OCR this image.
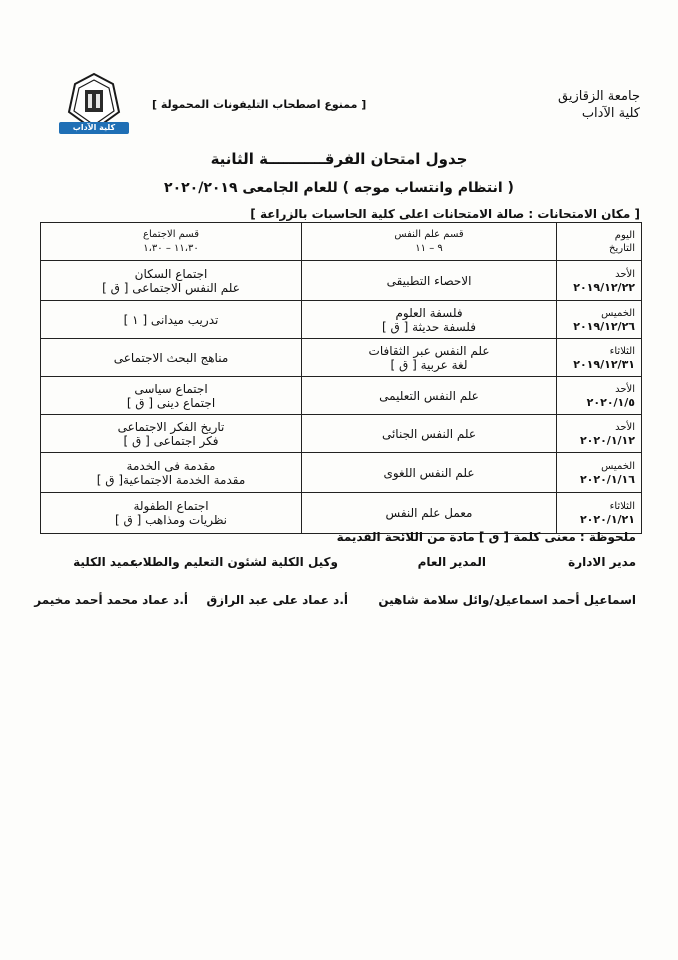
جامعة الزقازيق
كلية الآداب
كلية الآداب
[ ممنوع اصطحاب التليفونات المحمولة ]
جدول امتحان الفرقـــــــــــة الثانية
( انتظام وانتساب موجه ) للعام الجامعى ٢٠٢٠/٢٠١٩
[ مكان الامتحانات : صالة الامتحانات اعلى كلية الحاسبات بالزراعة ]
اليوم
التاريخ
قسم علم النفس
٩ – ١١
قسم الاجتماع
١١،٣٠ – ١،٣٠
الأحد
٢٠١٩/١٢/٢٢
الاحصاء التطبيقى
اجتماع السكان
علم النفس الاجتماعى [ ق ]
الخميس
٢٠١٩/١٢/٢٦
فلسفة العلوم
فلسفة حديثة [ ق ]
تدريب ميدانى [ ١ ]
الثلاثاء
٢٠١٩/١٢/٣١
علم النفس عبر الثقافات
لغة عربية [ ق ]
مناهج البحث الاجتماعى
الأحد
٢٠٢٠/١/٥
علم النفس التعليمى
اجتماع سياسى
اجتماع دينى [ ق ]
الأحد
٢٠٢٠/١/١٢
علم النفس الجنائى
تاريخ الفكر الاجتماعى
فكر اجتماعى [ ق ]
الخميس
٢٠٢٠/١/١٦
علم النفس اللغوى
مقدمة فى الخدمة
مقدمة الخدمة الاجتماعية[ ق ]
الثلاثاء
٢٠٢٠/١/٢١
معمل علم النفس
اجتماع الطفولة
نظريات ومذاهب [ ق ]
ملحوظة : معنى كلمة [ ق ] مادة من اللائحة القديمة
مدير الادارة
المدير العام
وكيل الكلية لشئون التعليم والطلاب
عميد الكلية
اسماعيل أحمد اسماعيل
د/وائل سلامة شاهين
أ.د عماد على عبد الرازق
أ.د عماد محمد أحمد مخيمر
